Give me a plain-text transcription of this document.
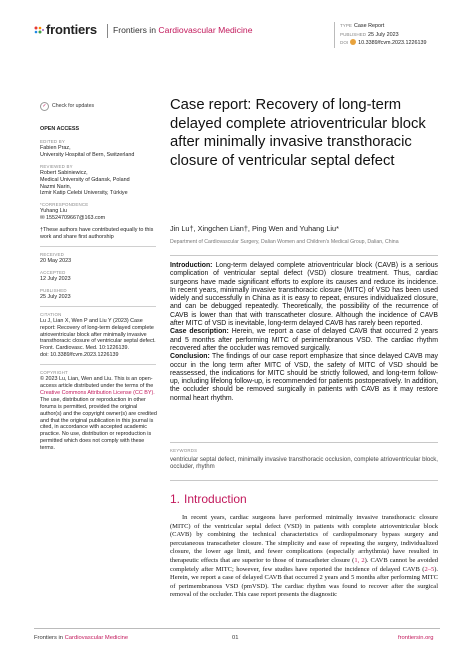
frontiers Frontiers in Cardiovascular Medicine	TYPE Case Report
PUBLISHED 25 July 2023
DOI 10.3389/fcvm.2023.1226139
✓	Check for updates
OPEN ACCESS
EDITED BY

Fabien Praz,

University Hospital of Bern, Switzerland

REVIEWED BY

Robert Sabiniewicz,

Medical University of Gdansk, Poland

Nazmi Narin,

Izmir Katip Celebi University, Türkiye

*CORRESPONDENCE

Yuhang Liu

✉ 15524709667@163.com

†These authors have contributed equally to this work and share first authorship
RECEIVED

20 May 2023

ACCEPTED

12 July 2023

PUBLISHED

25 July 2023

CITATION

Lu J, Lian X, Wen P and Liu Y (2023) Case report: Recovery of long-term delayed complete atrioventricular block after minimally invasive transthoracic closure of ventricular septal defect.

Front. Cardiovasc. Med. 10:1226139.

doi: 10.3389/fcvm.2023.1226139

COPYRIGHT

© 2023 Lu, Lian, Wen and Liu. This is an open-access article distributed under the terms of the Creative Commons Attribution License (CC BY). The use, distribution or reproduction in other forums is permitted, provided the original author(s) and the copyright owner(s) are credited and that the original publication in this journal is cited, in accordance with accepted academic practice. No use, distribution or reproduction is permitted which does not comply with these terms.

Case report: Recovery of long-term delayed complete atrioventricular block after minimally invasive transthoracic closure of ventricular septal defect
Jin Lu†, Xingchen Lian†, Ping Wen and Yuhang Liu*
Department of Cardiovascular Surgery, Dalian Women and Children's Medical Group, Dalian, China

Introduction: Long-term delayed complete atrioventricular block (CAVB) is a serious complication of ventricular septal defect (VSD) closure treatment. Thus, cardiac surgeons have made significant efforts to explore its causes and reduce its incidence. In recent years, minimally invasive transthoracic closure (MITC) of VSD has been used widely and successfully in China as it is easy to repeat, ensures individualized closure, and can be debugged repeatedly. Theoretically, the possibility of the recurrence of CAVB is lower than that with transcatheter closure. Although the incidence of CAVB after MITC of VSD is inevitable, long-term delayed CAVB has rarely been reported.

Case description: Herein, we report a case of delayed CAVB that occurred 2 years and 5 months after performing MITC of perimembranous VSD. The cardiac rhythm recovered after the occluder was removed surgically.

Conclusion: The findings of our case report emphasize that since delayed CAVB may occur in the long term after MITC of VSD, the safety of MITC of VSD should be reassessed, the indications for MITC should be strictly followed, and long-term follow-up, including lifelong follow-up, is recommended for patients postoperatively. In addition, the occluder should be removed surgically in patients with CAVB as it may restore normal heart rhythm.

KEYWORDS
ventricular septal defect, minimally invasive transthoracic occlusion, complete atrioventricular block, occluder, rhythm
1. Introduction

In recent years, cardiac surgeons have performed minimally invasive transthoracic closure (MITC) of the ventricular septal defect (VSD) in patients with complete atrioventricular block (CAVB) by combining the technical characteristics of cardiopulmonary bypass surgery and percutaneous transcatheter closure. The simplicity and ease of repeating the surgery, individualized closure, the lower age limit, and fewer complications (especially arrhythmia) have resulted in therapeutic effects that are superior to those of transcatheter closure (1, 2). CAVB cannot be avoided completely after MITC; however, few studies have reported the incidence of delayed CAVB (2–5). Herein, we report a case of delayed CAVB that occurred 2 years and 5 months after performing MITC of perimembranous VSD (pmVSD). The cardiac rhythm was found to recover after the surgical removal of the occluder. This case report presents the diagnostic

Frontiers in Cardiovascular Medicine	01	frontiersin.org
